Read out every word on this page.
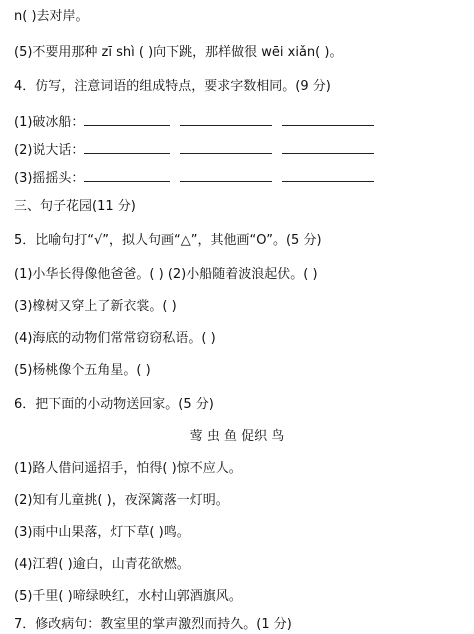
n( )去对岸。
(5)不要用那种 zī shì ( )向下跳，那样做很 wēi xiǎn( )。
4．仿写，注意词语的组成特点，要求字数相同。(9 分)
(1)破冰船：
(2)说大话：
(3)摇摇头：
三、句子花园(11 分)
5．比喻句打“√”，拟人句画“△”，其他画“O”。(5 分)
(1)小华长得像他爸爸。( ) (2)小船随着波浪起伏。( )
(3)橡树又穿上了新衣裳。( )
(4)海底的动物们常常窃窃私语。( )
(5)杨桃像个五角星。( )
6．把下面的小动物送回家。(5 分)
莺 虫 鱼 促织 鸟
(1)路人借问遥招手，怕得( )惊不应人。
(2)知有儿童挑( )，夜深篱落一灯明。
(3)雨中山果落，灯下草( )鸣。
(4)江碧( )逾白，山青花欲燃。
(5)千里( )啼绿映红，水村山郭酒旗风。
7．修改病句：教室里的掌声激烈而持久。(1 分)
